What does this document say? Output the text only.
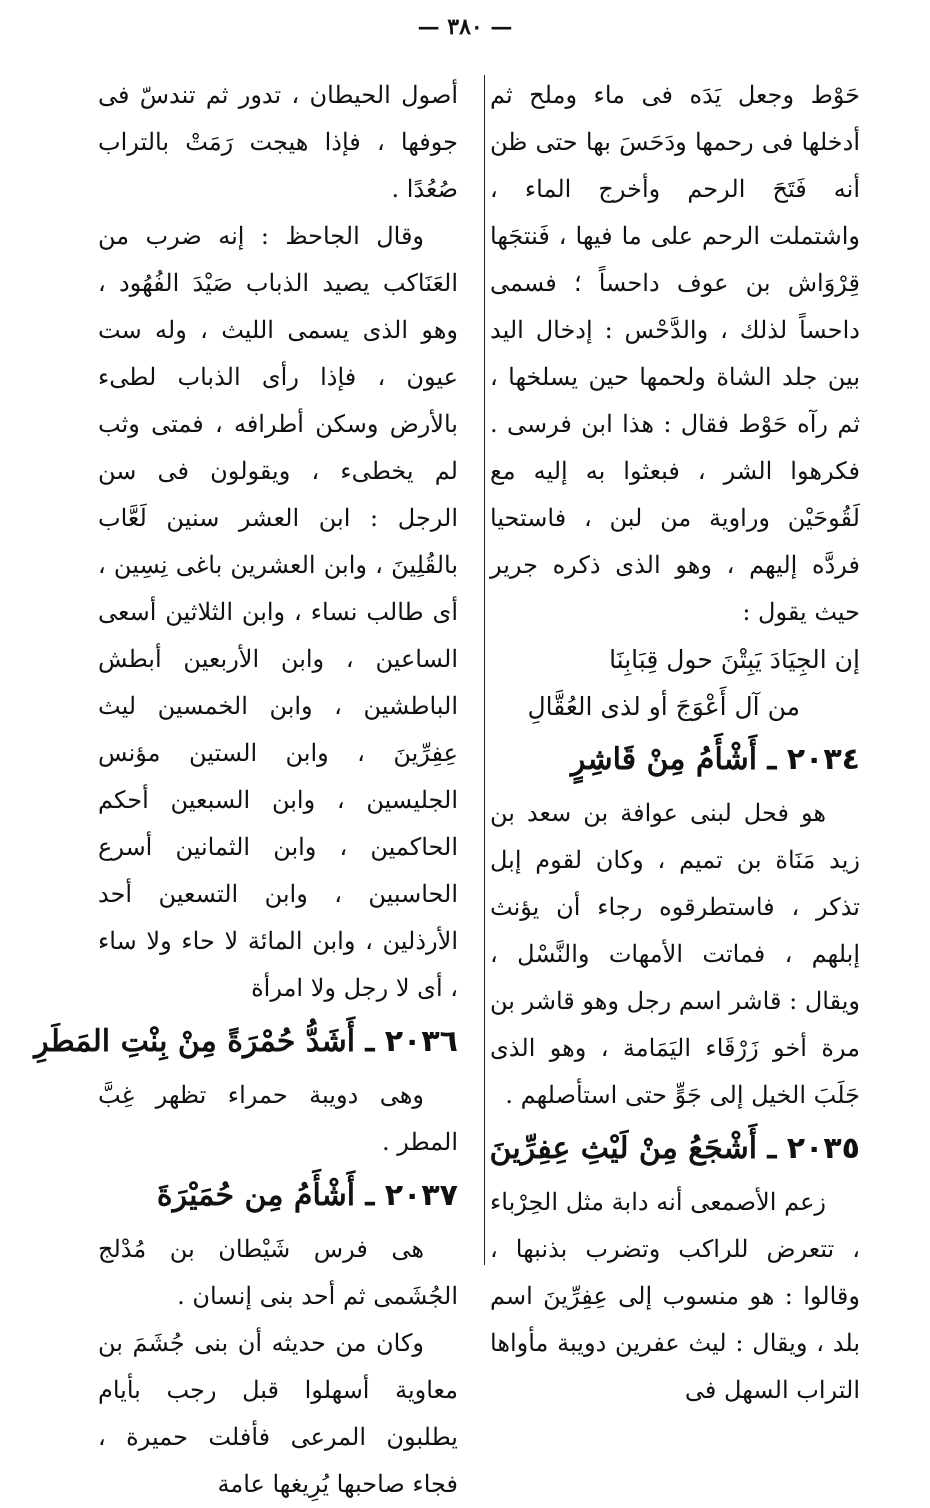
— ٣٨٠ —

حَوْط وجعل يَدَه فى ماء وملح ثم أدخلها فى رحمها ودَحَسَ بها حتى ظن أنه فَتَحَ الرحم وأخرج الماء ، واشتملت الرحم على ما فيها ، فَنتجَها قِرْوَاش بن عوف داحساً ؛ فسمى داحساً لذلك ، والدَّحْس : إدخال اليد بين جلد الشاة ولحمها حين يسلخها ، ثم رآه حَوْط فقال : هذا ابن فرسى . فكرهوا الشر ، فبعثوا به إليه مع لَقُوحَيْن وراوية من لبن ، فاستحيا فردَّه إليهم ، وهو الذى ذكره جرير حيث يقول :

إن الجِيَادَ يَبِتْنَ حول قِبَابِنَا

من آل أَعْوَجَ أو لذى العُقَّالِ

٢٠٣٤ ـ أَشْأَمُ مِنْ قَاشِرٍ

هو فحل لبنى عوافة بن سعد بن زيد مَنَاة بن تميم ، وكان لقوم إبل تذكر ، فاستطرقوه رجاء أن يؤنث إبلهم ، فماتت الأمهات والنَّسْل ، ويقال : قاشر اسم رجل وهو قاشر بن مرة أخو زَرْقَاء اليَمَامة ، وهو الذى جَلَبَ الخيل إلى جَوٍّ حتى استأصلهم .

٢٠٣٥ ـ أَشْجَعُ مِنْ لَيْثِ عِفِرِّينَ

زعم الأصمعى أنه دابة مثل الحِرْباء ، تتعرض للراكب وتضرب بذنبها ، وقالوا : هو منسوب إلى عِفِرِّينَ اسم بلد ، ويقال : ليث عفرين دويبة مأواها التراب السهل فى

أصول الحيطان ، تدور ثم تندسّ فى جوفها ، فإذا هيجت رَمَتْ بالتراب صُعُدًا .

وقال الجاحظ : إنه ضرب من العَنَاكب يصيد الذباب صَيْدَ الفُهُود ، وهو الذى يسمى الليث ، وله ست عيون ، فإذا رأى الذباب لطىء بالأرض وسكن أطرافه ، فمتى وثب لم يخطىء ، ويقولون فى سن الرجل : ابن العشر سنين لَعَّاب بالقُلِينَ ، وابن العشرين باغى نِسِين ، أى طالب نساء ، وابن الثلاثين أسعى الساعين ، وابن الأربعين أبطش الباطشين ، وابن الخمسين ليث عِفِرِّينَ ، وابن الستين مؤنس الجليسين ، وابن السبعين أحكم الحاكمين ، وابن الثمانين أسرع الحاسبين ، وابن التسعين أحد الأرذلين ، وابن المائة لا حاء ولا ساء ، أى لا رجل ولا امرأة

٢٠٣٦ ـ أَشَدُّ حُمْرَةً مِنْ بِنْتِ المَطَرِ

وهى دويبة حمراء تظهر غِبَّ المطر .

٢٠٣٧ ـ أَشْأَمُ مِن حُمَيْرَةَ

هى فرس شَيْطان بن مُدْلج الجُشَمى ثم أحد بنى إنسان .

وكان من حديثه أن بنى جُشَمَ بن معاوية أسهلوا قبل رجب بأيام يطلبون المرعى فأفلت حميرة ، فجاء صاحبها يُرِيغها عامة
